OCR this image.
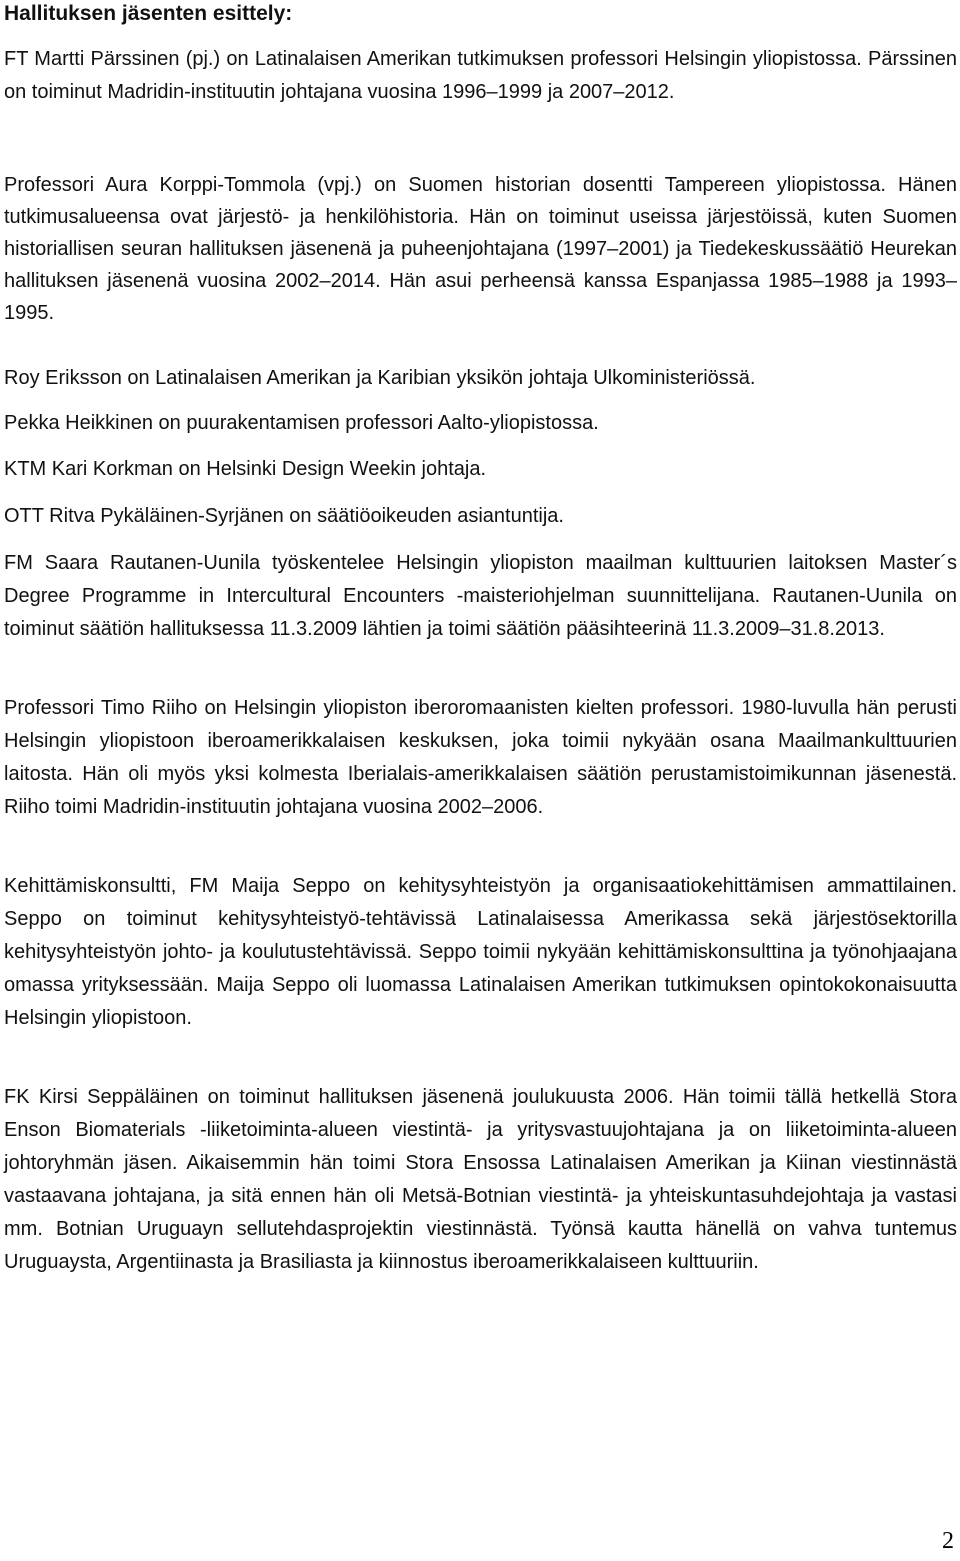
Hallituksen jäsenten esittely:

FT Martti Pärssinen (pj.) on Latinalaisen Amerikan tutkimuksen professori Helsingin yliopistossa. Pärssinen on toiminut Madridin-instituutin johtajana vuosina 1996–1999 ja 2007–2012.

Professori Aura Korppi-Tommola (vpj.) on Suomen historian dosentti Tampereen yliopistossa. Hänen tutkimusalueensa ovat järjestö- ja henkilöhistoria. Hän on toiminut useissa järjestöissä, kuten Suomen historiallisen seuran hallituksen jäsenenä ja puheenjohtajana (1997–2001) ja Tiedekeskussäätiö Heurekan hallituksen jäsenenä vuosina 2002–2014. Hän asui perheensä kanssa Espanjassa 1985–1988 ja 1993–1995.

Roy Eriksson on Latinalaisen Amerikan ja Karibian yksikön johtaja Ulkoministeriössä.

Pekka Heikkinen on puurakentamisen professori Aalto-yliopistossa.

KTM Kari Korkman on Helsinki Design Weekin johtaja.

OTT Ritva Pykäläinen-Syrjänen on säätiöoikeuden asiantuntija.

FM Saara Rautanen-Uunila työskentelee Helsingin yliopiston maailman kulttuurien laitoksen Master´s Degree Programme in Intercultural Encounters -maisteriohjelman suunnittelijana. Rautanen-Uunila on toiminut säätiön hallituksessa 11.3.2009 lähtien ja toimi säätiön pääsihteerinä 11.3.2009–31.8.2013.

Professori Timo Riiho on Helsingin yliopiston iberoromaanisten kielten professori. 1980-luvulla hän perusti Helsingin yliopistoon iberoamerikkalaisen keskuksen, joka toimii nykyään osana Maailmankulttuurien laitosta. Hän oli myös yksi kolmesta Iberialais-amerikkalaisen säätiön perustamistoimikunnan jäsenestä. Riiho toimi Madridin-instituutin johtajana vuosina 2002–2006.

Kehittämiskonsultti, FM Maija Seppo on kehitysyhteistyön ja organisaatiokehittämisen ammattilainen. Seppo on toiminut kehitysyhteistyö-tehtävissä Latinalaisessa Amerikassa sekä järjestösektorilla kehitysyhteistyön johto- ja koulutustehtävissä. Seppo toimii nykyään kehittämiskonsulttina ja työnohjaajana omassa yrityksessään. Maija Seppo oli luomassa Latinalaisen Amerikan tutkimuksen opintokokonaisuutta Helsingin yliopistoon.

FK Kirsi Seppäläinen on toiminut hallituksen jäsenenä joulukuusta 2006. Hän toimii tällä hetkellä Stora Enson Biomaterials -liiketoiminta-alueen viestintä- ja yritysvastuujohtajana ja on liiketoiminta-alueen johtoryhmän jäsen. Aikaisemmin hän toimi Stora Ensossa Latinalaisen Amerikan ja Kiinan viestinnästä vastaavana johtajana, ja sitä ennen hän oli Metsä-Botnian viestintä- ja yhteiskuntasuhdejohtaja ja vastasi mm. Botnian Uruguayn sellutehdasprojektin viestinnästä. Työnsä kautta hänellä on vahva tuntemus Uruguaysta, Argentiinasta ja Brasiliasta ja kiinnostus iberoamerikkalaiseen kulttuuriin.

2
